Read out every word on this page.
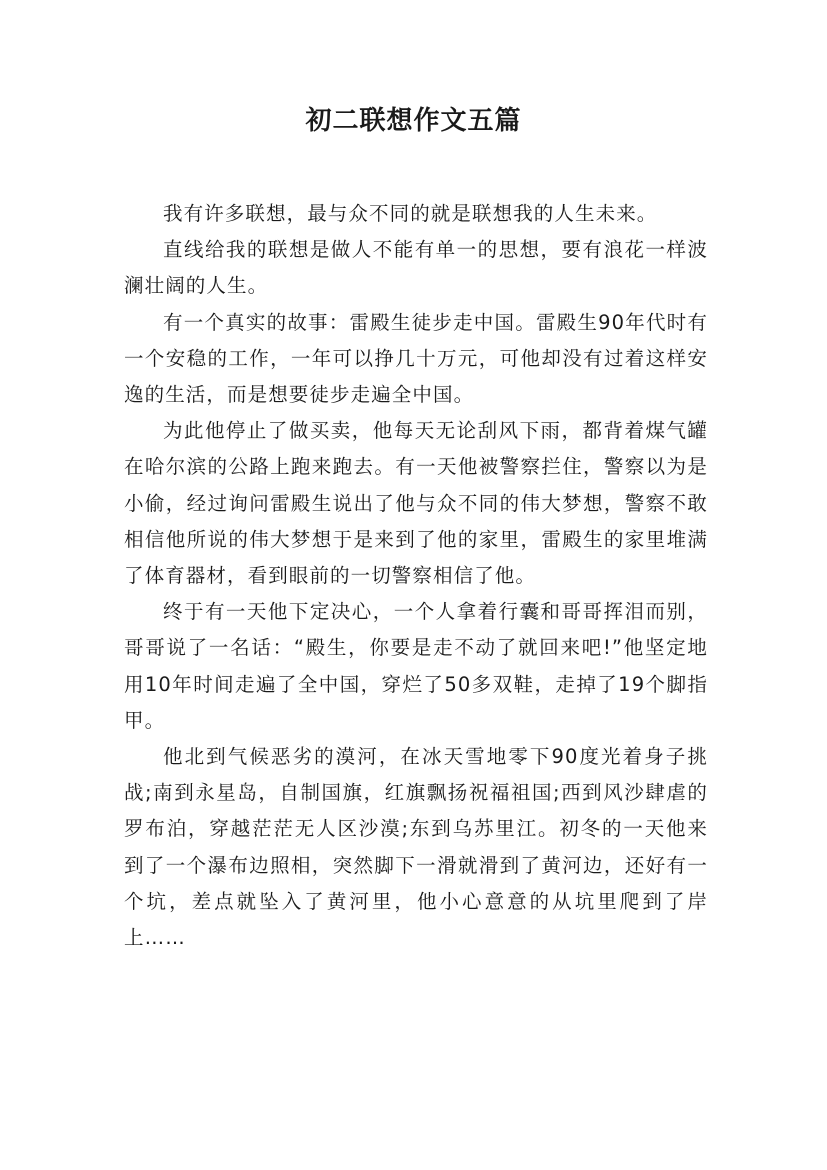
初二联想作文五篇

我有许多联想，最与众不同的就是联想我的人生未来。

直线给我的联想是做人不能有单一的思想，要有浪花一样波澜壮阔的人生。

有一个真实的故事：雷殿生徒步走中国。雷殿生90年代时有一个安稳的工作，一年可以挣几十万元，可他却没有过着这样安逸的生活，而是想要徒步走遍全中国。

为此他停止了做买卖，他每天无论刮风下雨，都背着煤气罐在哈尔滨的公路上跑来跑去。有一天他被警察拦住，警察以为是小偷，经过询问雷殿生说出了他与众不同的伟大梦想，警察不敢相信他所说的伟大梦想于是来到了他的家里，雷殿生的家里堆满了体育器材，看到眼前的一切警察相信了他。

终于有一天他下定决心，一个人拿着行囊和哥哥挥泪而别，哥哥说了一名话：“殿生，你要是走不动了就回来吧!”他坚定地用10年时间走遍了全中国，穿烂了50多双鞋，走掉了19个脚指甲。

他北到气候恶劣的漠河，在冰天雪地零下90度光着身子挑战;南到永星岛，自制国旗，红旗飘扬祝福祖国;西到风沙肆虐的罗布泊，穿越茫茫无人区沙漠;东到乌苏里江。初冬的一天他来到了一个瀑布边照相，突然脚下一滑就滑到了黄河边，还好有一个坑，差点就坠入了黄河里，他小心意意的从坑里爬到了岸上……
